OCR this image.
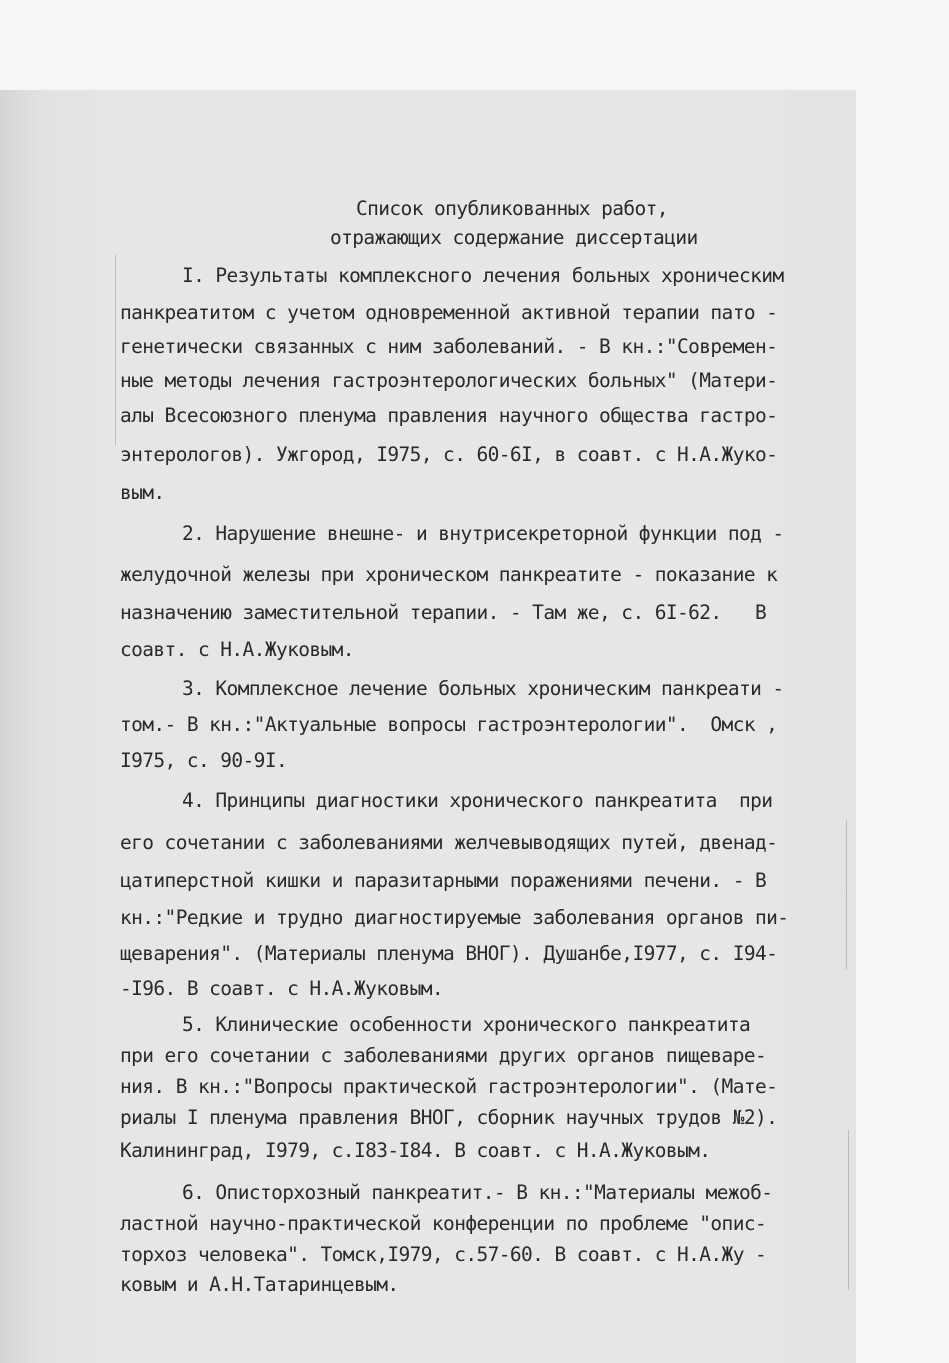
Список опубликованных работ,
отражающих содержание диссертации
I. Результаты комплексного лечения больных хроническим
панкреатитом с учетом одновременной активной терапии пато -
генетически связанных с ним заболеваний. - В кн.:"Современ-
ные методы лечения гастроэнтерологических больных" (Матери-
алы Всесоюзного пленума правления научного общества гастро-
энтерологов). Ужгород, I975, с. 60-6I, в соавт. с Н.А.Жуко-
вым.
2. Нарушение внешне- и внутрисекреторной функции под -
желудочной железы при хроническом панкреатите - показание к
назначению заместительной терапии. - Там же, с. 6I-62.   В
соавт. с Н.А.Жуковым.
3. Комплексное лечение больных хроническим панкреати -
том.- В кн.:"Актуальные вопросы гастроэнтерологии".  Омск ,
I975, с. 90-9I.
4. Принципы диагностики хронического панкреатита  при
его сочетании с заболеваниями желчевыводящих путей, двенад-
цатиперстной кишки и паразитарными поражениями печени. - В
кн.:"Редкие и трудно диагностируемые заболевания органов пи-
щеварения". (Материалы пленума ВНОГ). Душанбе,I977, с. I94-
-I96. В соавт. с Н.А.Жуковым.
5. Клинические особенности хронического панкреатита
при его сочетании с заболеваниями других органов пищеваре-
ния. В кн.:"Вопросы практической гастроэнтерологии". (Мате-
риалы I пленума правления ВНОГ, сборник научных трудов №2).
Калининград, I979, с.I83-I84. В соавт. с Н.А.Жуковым.
6. Описторхозный панкреатит.- В кн.:"Материалы межоб-
ластной научно-практической конференции по проблеме "опис-
торхоз человека". Томск,I979, с.57-60. В соавт. с Н.А.Жу -
ковым и А.Н.Татаринцевым.
